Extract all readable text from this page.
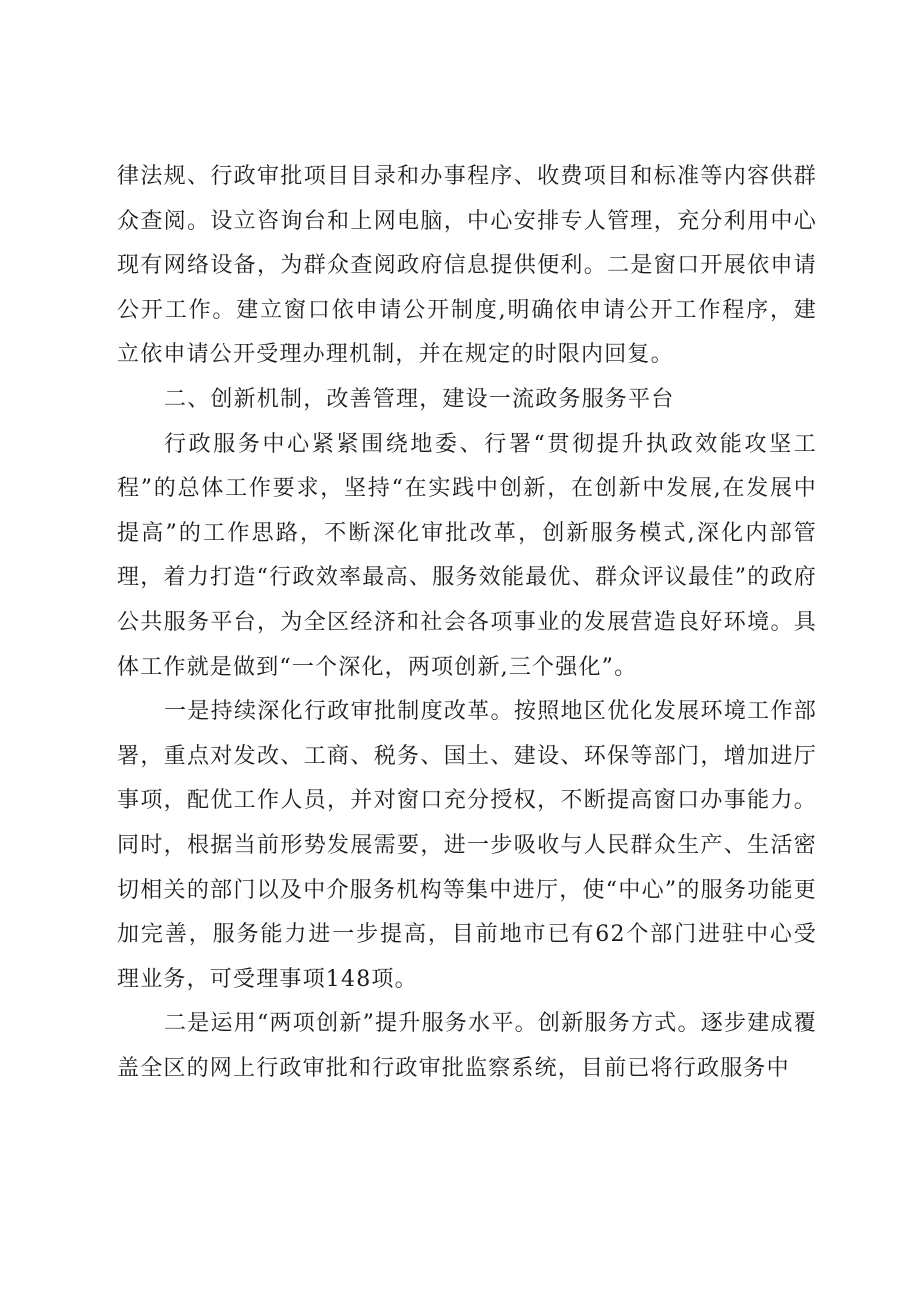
律法规、行政审批项目目录和办事程序、收费项目和标准等内容供群众查阅。设立咨询台和上网电脑，中心安排专人管理，充分利用中心现有网络设备，为群众查阅政府信息提供便利。二是窗口开展依申请公开工作。建立窗口依申请公开制度,明确依申请公开工作程序，建立依申请公开受理办理机制，并在规定的时限内回复。

二、创新机制，改善管理，建设一流政务服务平台

行政服务中心紧紧围绕地委、行署“贯彻提升执政效能攻坚工程”的总体工作要求，坚持“在实践中创新，在创新中发展,在发展中提高”的工作思路，不断深化审批改革，创新服务模式,深化内部管理，着力打造“行政效率最高、服务效能最优、群众评议最佳”的政府公共服务平台，为全区经济和社会各项事业的发展营造良好环境。具体工作就是做到“一个深化，两项创新,三个强化”。

一是持续深化行政审批制度改革。按照地区优化发展环境工作部署，重点对发改、工商、税务、国土、建设、环保等部门，增加进厅事项，配优工作人员，并对窗口充分授权，不断提高窗口办事能力。同时，根据当前形势发展需要，进一步吸收与人民群众生产、生活密切相关的部门以及中介服务机构等集中进厅，使“中心”的服务功能更加完善，服务能力进一步提高，目前地市已有62个部门进驻中心受理业务，可受理事项148项。

二是运用“两项创新”提升服务水平。创新服务方式。逐步建成覆盖全区的网上行政审批和行政审批监察系统，目前已将行政服务中
